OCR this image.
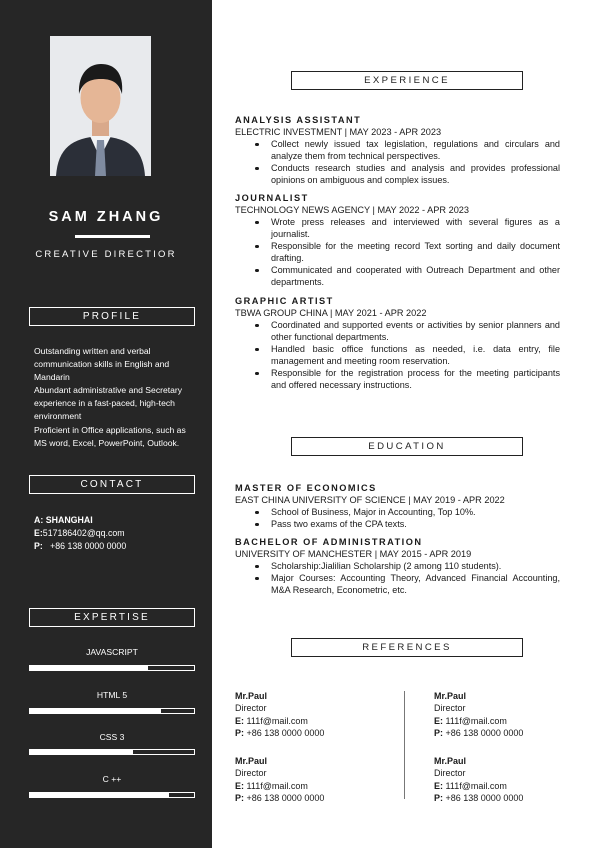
SAM ZHANG
CREATIVE DIRECTIOR
PROFILE
Outstanding written and verbal communication skills in English and Mandarin
Abundant administrative and Secretary experience in a fast-paced, high-tech environment
Proficient in Office applications, such as MS word, Excel, PowerPoint, Outlook.
CONTACT
A: SHANGHAI
E:517186402@qq.com
P: +86 138 0000 0000
EXPERTISE
JAVASCRIPT
HTML 5
CSS 3
C ++
EXPERIENCE
ANALYSIS ASSISTANT
ELECTRIC INVESTMENT | MAY 2023 - APR 2023
Collect newly issued tax legislation, regulations and circulars and analyze them from technical perspectives.
Conducts research studies and analysis and provides professional opinions on ambiguous and complex issues.
JOURNALIST
TECHNOLOGY NEWS AGENCY | MAY 2022 - APR 2023
Wrote press releases and interviewed with several figures as a journalist.
Responsible for the meeting record Text sorting and daily document drafting.
Communicated and cooperated with Outreach Department and other departments.
GRAPHIC ARTIST
TBWA GROUP CHINA | MAY 2021 - APR 2022
Coordinated and supported events or activities by senior planners and other functional departments.
Handled basic office functions as needed, i.e. data entry, file management and meeting room reservation.
Responsible for the registration process for the meeting participants and offered necessary instructions.
EDUCATION
MASTER OF ECONOMICS
EAST CHINA UNIVERSITY OF SCIENCE | MAY 2019 - APR 2022
School of Business, Major in Accounting, Top 10%.
Pass two exams of the CPA texts.
BACHELOR OF ADMINISTRATION
UNIVERSITY OF MANCHESTER | MAY 2015 - APR 2019
Scholarship:Jialilian Scholarship (2 among 110 students).
Major Courses: Accounting Theory, Advanced Financial Accounting, M&A Research, Econometric, etc.
REFERENCES
Mr.Paul
Director
E: 111f@mail.com
P: +86 138 0000 0000
Mr.Paul
Director
E: 111f@mail.com
P: +86 138 0000 0000
Mr.Paul
Director
E: 111f@mail.com
P: +86 138 0000 0000
Mr.Paul
Director
E: 111f@mail.com
P: +86 138 0000 0000
